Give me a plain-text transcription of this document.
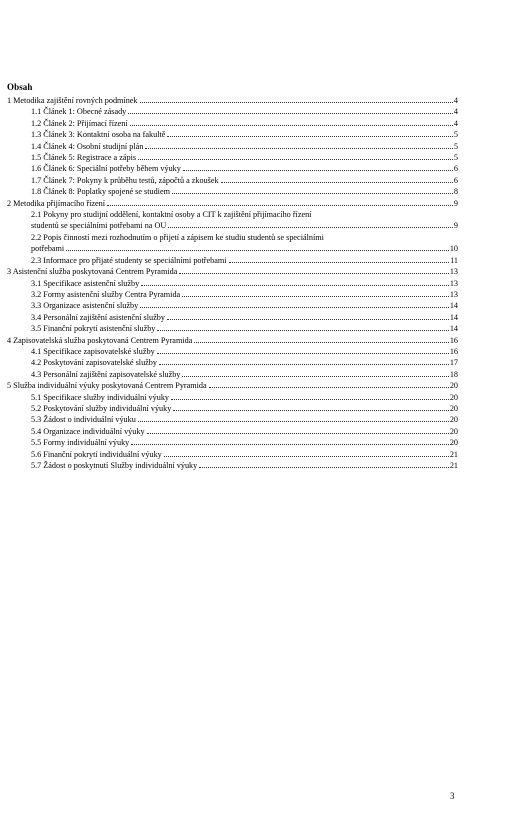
Obsah
1 Metodika zajištění rovných podmínek	4
1.1 Článek 1: Obecné zásady	4
1.2 Článek 2: Přijímací řízení	4
1.3 Článek 3: Kontaktní osoba na fakultě	5
1.4 Článek 4: Osobní studijní plán	5
1.5 Článek 5: Registrace a zápis	5
1.6 Článek 6: Speciální potřeby během výuky	6
1.7 Článek 7: Pokyny k průběhu testů, zápočtů a zkoušek	6
1.8 Článek 8: Poplatky spojené se studiem	8
2 Metodika přijímacího řízení	9
2.1 Pokyny pro studijní oddělení, kontaktní osoby a CIT k zajištění přijímacího řízení
studentů se speciálními potřebami na OU	9
2.2 Popis činností mezi rozhodnutím o přijetí a zápisem ke studiu studentů se speciálními
potřebami	10
2.3 Informace pro přijaté studenty se speciálními potřebami	11
3 Asistenční služba poskytovaná Centrem Pyramida	13
3.1 Specifikace asistenční služby	13
3.2 Formy asistenční služby Centra Pyramida	13
3.3 Organizace asistenční služby	14
3.4 Personální zajištění asistenční služby	14
3.5 Finanční pokrytí asistenční služby	14
4 Zapisovatelská služba poskytovaná Centrem Pyramida	16
4.1 Specifikace zapisovatelské služby	16
4.2 Poskytování zapisovatelské služby	17
4.3 Personální zajištění zapisovatelské služby	18
5 Služba individuální výuky poskytovaná Centrem Pyramida	20
5.1 Specifikace služby individuální výuky	20
5.2 Poskytování služby individuální výuky	20
5.3 Žádost o individuální výuku	20
5.4 Organizace individuální výuky	20
5.5 Formy individuální výuky	20
5.6 Finanční pokrytí individuální výuky	21
5.7 Žádost o poskytnutí Služby individuální výuky	21
3
